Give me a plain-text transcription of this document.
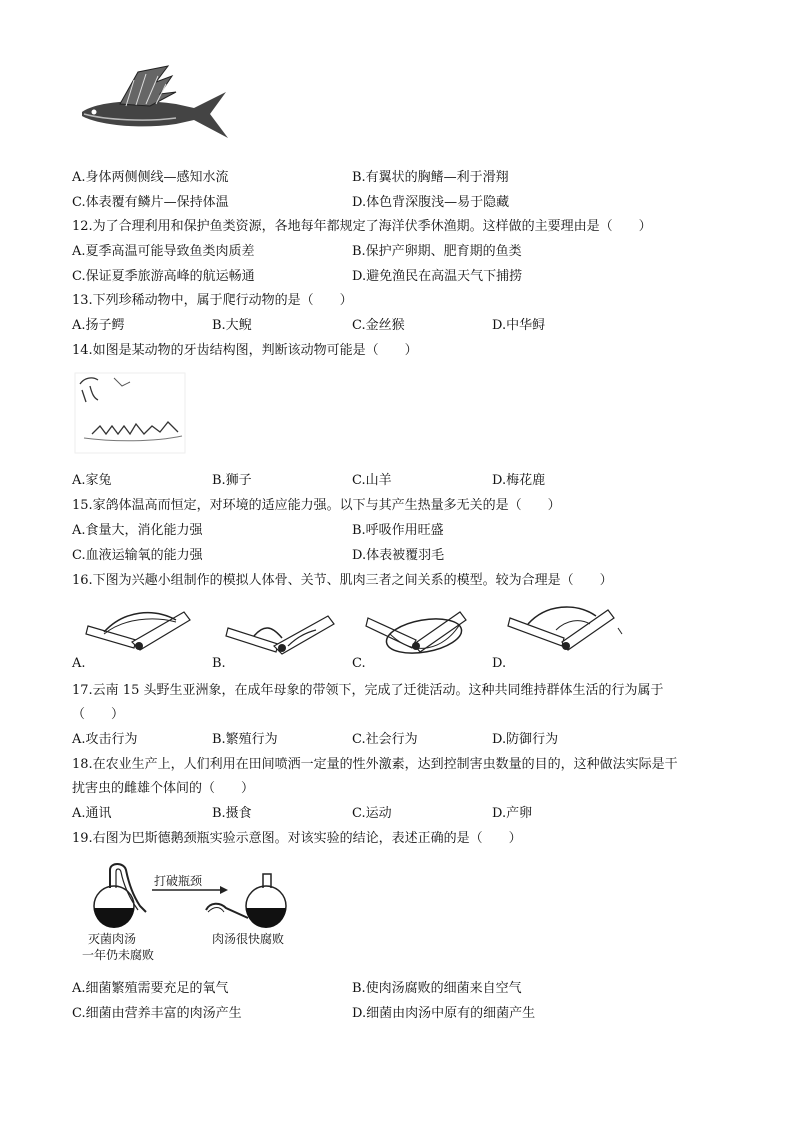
A.身体两侧侧线—感知水流	B.有翼状的胸鳍—利于滑翔
C.体表覆有鳞片—保持体温	D.体色背深腹浅—易于隐藏
12.为了合理利用和保护鱼类资源，各地每年都规定了海洋伏季休渔期。这样做的主要理由是（　　）
A.夏季高温可能导致鱼类肉质差	B.保护产卵期、肥育期的鱼类
C.保证夏季旅游高峰的航运畅通	D.避免渔民在高温天气下捕捞
13.下列珍稀动物中，属于爬行动物的是（　　）
A.扬子鳄	B.大鲵	C.金丝猴	D.中华鲟
14.如图是某动物的牙齿结构图，判断该动物可能是（　　）
A.家兔	B.狮子	C.山羊	D.梅花鹿
15.家鸽体温高而恒定，对环境的适应能力强。以下与其产生热量多无关的是（　　）
A.食量大，消化能力强	B.呼吸作用旺盛
C.血液运输氧的能力强	D.体表被覆羽毛
16.下图为兴趣小组制作的模拟人体骨、关节、肌肉三者之间关系的模型。较为合理是（　　）
A.	B.	C.	D.
17.云南 15 头野生亚洲象，在成年母象的带领下，完成了迁徙活动。这种共同维持群体生活的行为属于
（　　）
A.攻击行为	B.繁殖行为	C.社会行为	D.防御行为
18.在农业生产上，人们利用在田间喷洒一定量的性外激素，达到控制害虫数量的目的，这种做法实际是干
扰害虫的雌雄个体间的（　　）
A.通讯	B.摄食	C.运动	D.产卵
19.右图为巴斯德鹅颈瓶实验示意图。对该实验的结论，表述正确的是（　　）
打破瓶颈
灭菌肉汤
一年仍未腐败
肉汤很快腐败
A.细菌繁殖需要充足的氧气	B.使肉汤腐败的细菌来自空气
C.细菌由营养丰富的肉汤产生	D.细菌由肉汤中原有的细菌产生
